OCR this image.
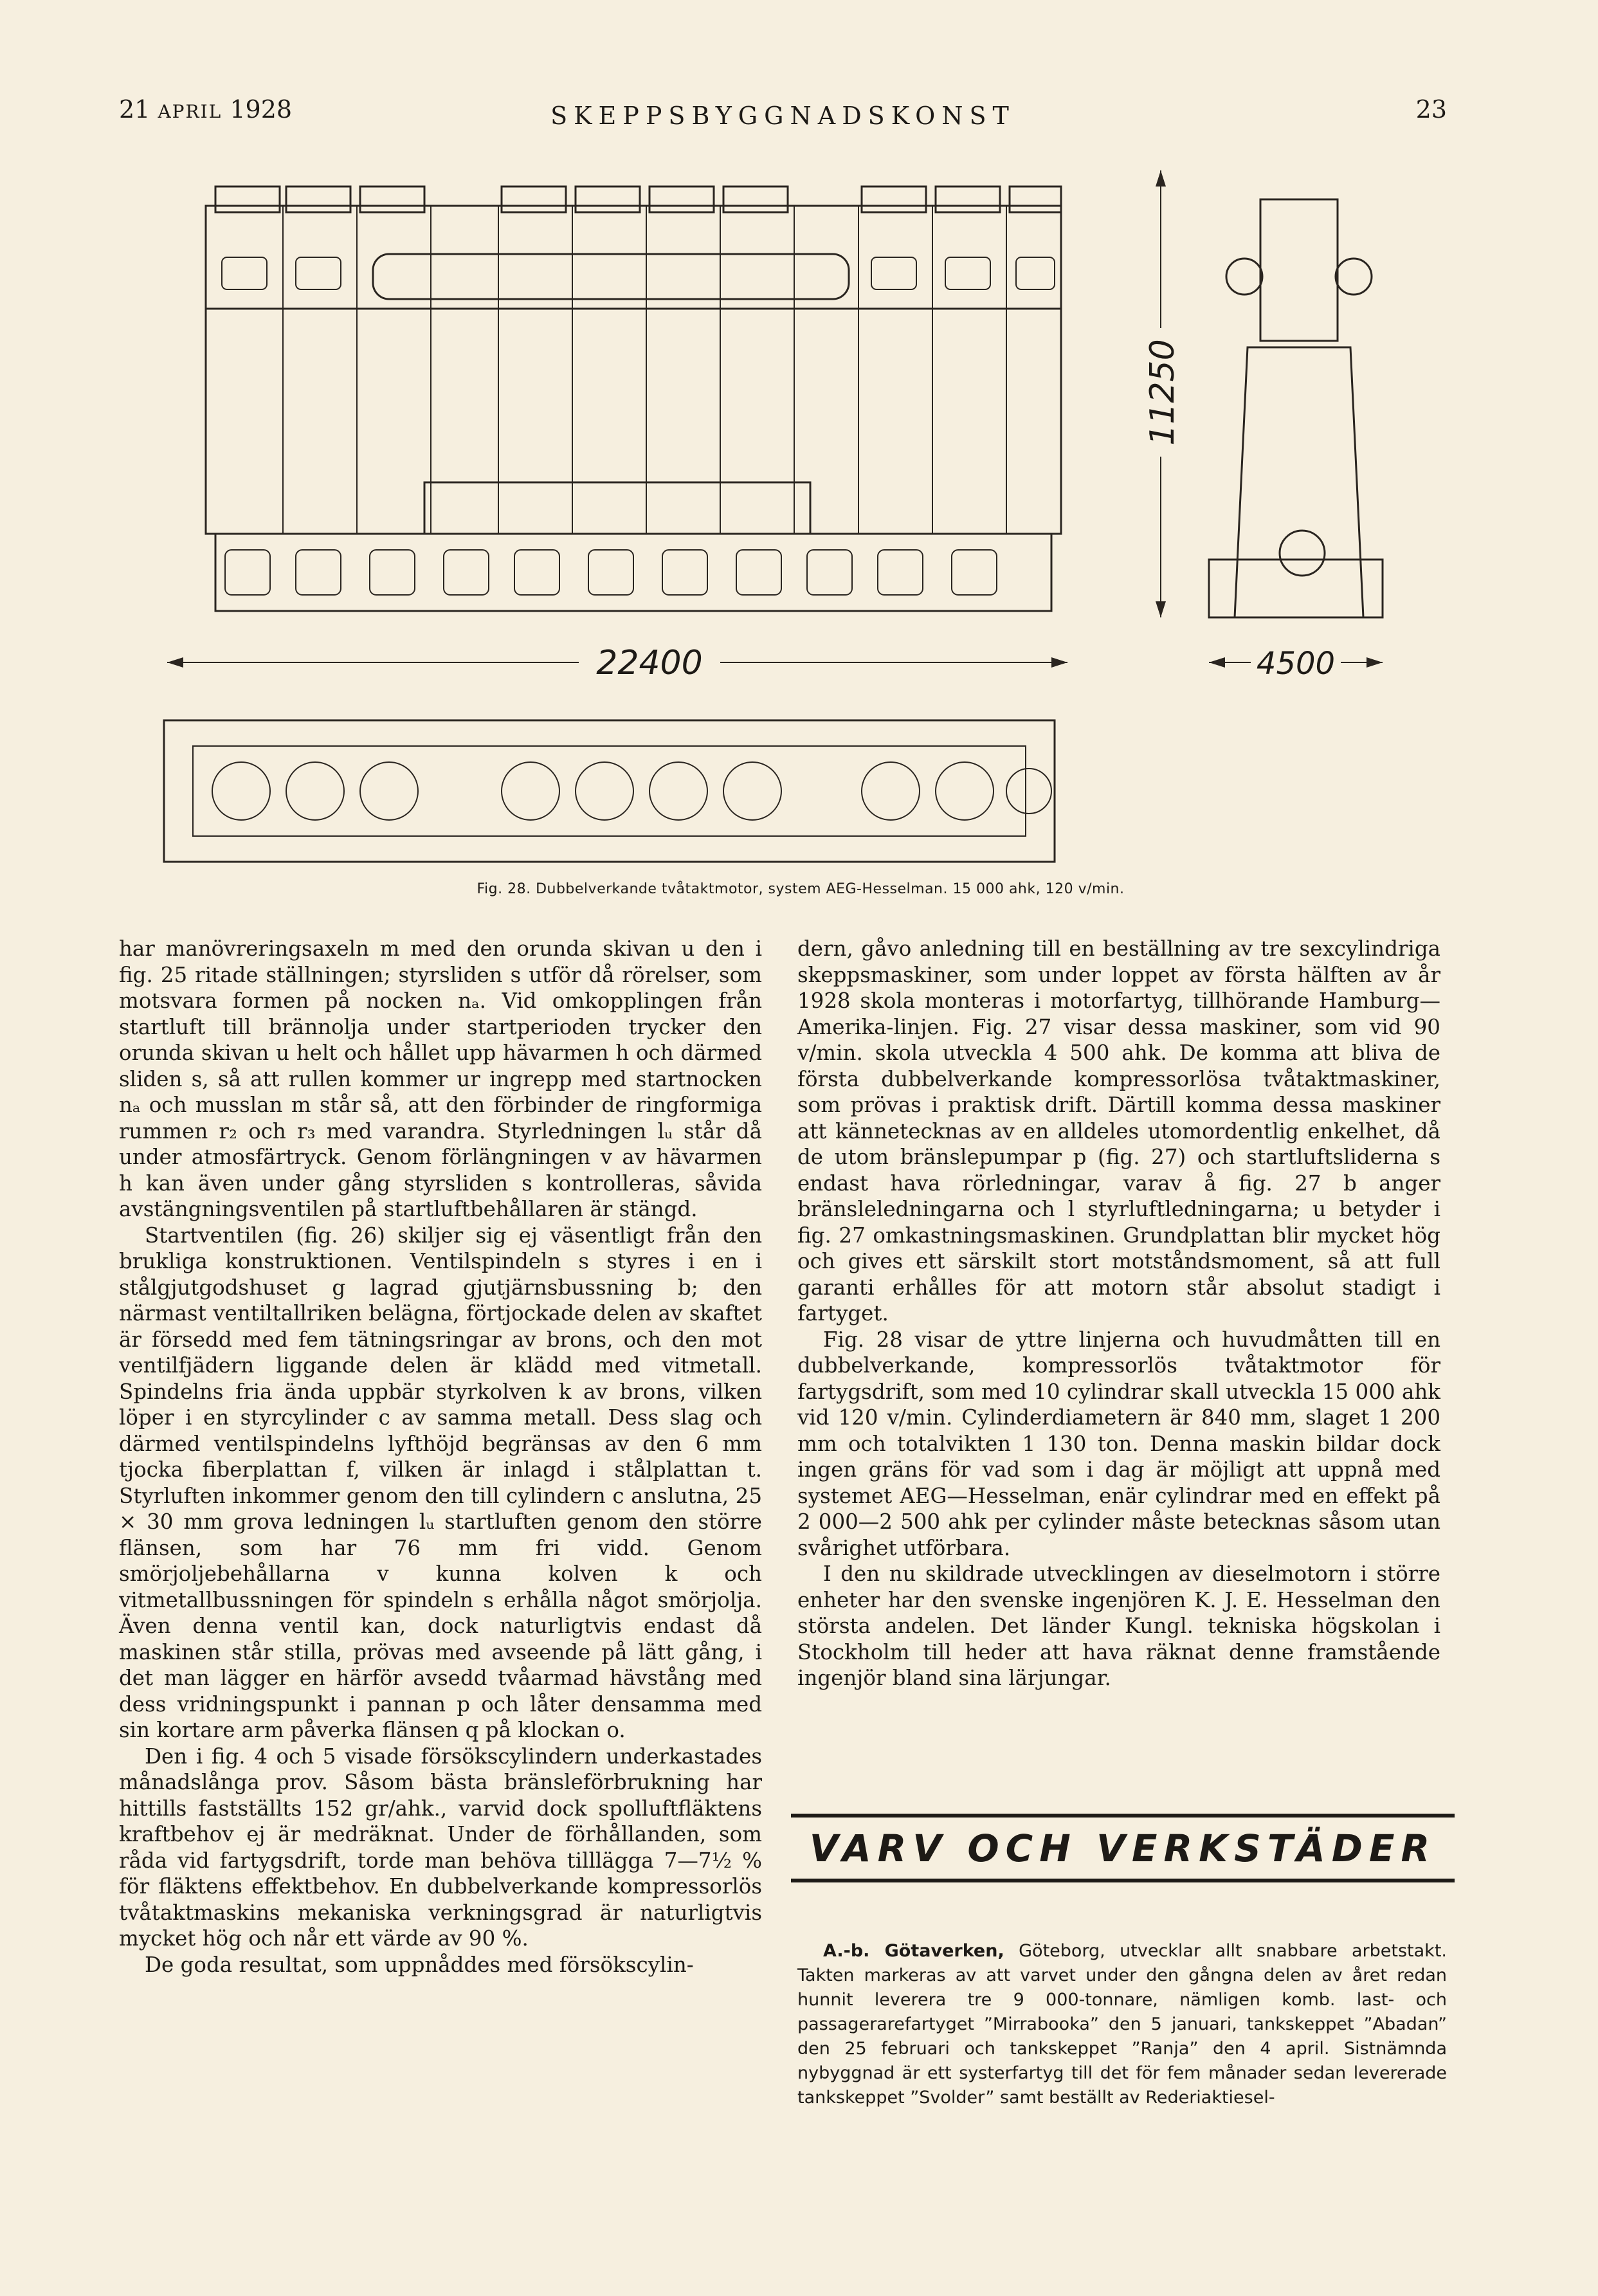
21 APRIL 1928	SKEPPSBYGGNADSKONST	23
22400
11250
4500
Fig. 28. Dubbelverkande tvåtaktmotor, system AEG-Hesselman. 15 000 ahk, 120 v/min.

har manövreringsaxeln m med den orunda skivan u den i fig. 25 ritade ställningen; styrsliden s utför då rörelser, som motsvara formen på nocken nₐ. Vid omkopplingen från startluft till brännolja under startperioden trycker den orunda skivan u helt och hållet upp hävarmen h och därmed sliden s, så att rullen kommer ur ingrepp med startnocken nₐ och musslan m står så, att den förbinder de ringformiga rummen r₂ och r₃ med varandra. Styrledningen lᵤ står då under atmosfärtryck. Genom förlängningen v av hävarmen h kan även under gång styrsliden s kontrolleras, såvida avstängningsventilen på startluftbehållaren är stängd.

Startventilen (fig. 26) skiljer sig ej väsentligt från den brukliga konstruktionen. Ventilspindeln s styres i en i stålgjutgodshuset g lagrad gjutjärnsbussning b; den närmast ventiltallriken belägna, förtjockade delen av skaftet är försedd med fem tätningsringar av brons, och den mot ventilfjädern liggande delen är klädd med vitmetall. Spindelns fria ända uppbär styrkolven k av brons, vilken löper i en styrcylinder c av samma metall. Dess slag och därmed ventilspindelns lyfthöjd begränsas av den 6 mm tjocka fiberplattan f, vilken är inlagd i stålplattan t. Styrluften inkommer genom den till cylindern c anslutna, 25 × 30 mm grova ledningen lᵤ startluften genom den större flänsen, som har 76 mm fri vidd. Genom smörjoljebehållarna v kunna kolven k och vitmetallbussningen för spindeln s erhålla något smörjolja. Även denna ventil kan, dock naturligtvis endast då maskinen står stilla, prövas med avseende på lätt gång, i det man lägger en härför avsedd tvåarmad hävstång med dess vridningspunkt i pannan p och låter densamma med sin kortare arm påverka flänsen q på klockan o.

Den i fig. 4 och 5 visade försökscylindern underkastades månadslånga prov. Såsom bästa bränsleförbrukning har hittills fastställts 152 gr/ahk., varvid dock spolluftfläktens kraftbehov ej är medräknat. Under de förhållanden, som råda vid fartygsdrift, torde man behöva tilllägga 7—7½ % för fläktens effektbehov. En dubbelverkande kompressorlös tvåtaktmaskins mekaniska verkningsgrad är naturligtvis mycket hög och når ett värde av 90 %.

De goda resultat, som uppnåddes med försökscylin-

dern, gåvo anledning till en beställning av tre sexcylindriga skeppsmaskiner, som under loppet av första hälften av år 1928 skola monteras i motorfartyg, tillhörande Hamburg—Amerika-linjen. Fig. 27 visar dessa maskiner, som vid 90 v/min. skola utveckla 4 500 ahk. De komma att bliva de första dubbelverkande kompressorlösa tvåtaktmaskiner, som prövas i praktisk drift. Därtill komma dessa maskiner att kännetecknas av en alldeles utomordentlig enkelhet, då de utom bränslepumpar p (fig. 27) och startluftsliderna s endast hava rörledningar, varav å fig. 27 b anger bränsleledningarna och l styrluftledningarna; u betyder i fig. 27 omkastningsmaskinen. Grundplattan blir mycket hög och gives ett särskilt stort motståndsmoment, så att full garanti erhålles för att motorn står absolut stadigt i fartyget.

Fig. 28 visar de yttre linjerna och huvudmåtten till en dubbelverkande, kompressorlös tvåtaktmotor för fartygsdrift, som med 10 cylindrar skall utveckla 15 000 ahk vid 120 v/min. Cylinderdiametern är 840 mm, slaget 1 200 mm och totalvikten 1 130 ton. Denna maskin bildar dock ingen gräns för vad som i dag är möjligt att uppnå med systemet AEG—Hesselman, enär cylindrar med en effekt på 2 000—2 500 ahk per cylinder måste betecknas såsom utan svårighet utförbara.

I den nu skildrade utvecklingen av dieselmotorn i större enheter har den svenske ingenjören K. J. E. Hesselman den största andelen. Det länder Kungl. tekniska högskolan i Stockholm till heder att hava räknat denne framstående ingenjör bland sina lärjungar.

VARV OCH VERKSTÄDER

A.-b. Götaverken, Göteborg, utvecklar allt snabbare arbetstakt. Takten markeras av att varvet under den gångna delen av året redan hunnit leverera tre 9 000-tonnare, nämligen komb. last- och passagerarefartyget ”Mirrabooka” den 5 januari, tankskeppet ”Abadan” den 25 februari och tankskeppet ”Ranja” den 4 april. Sistnämnda nybyggnad är ett systerfartyg till det för fem månader sedan levererade tankskeppet ”Svolder” samt beställt av Rederiaktiesel-
